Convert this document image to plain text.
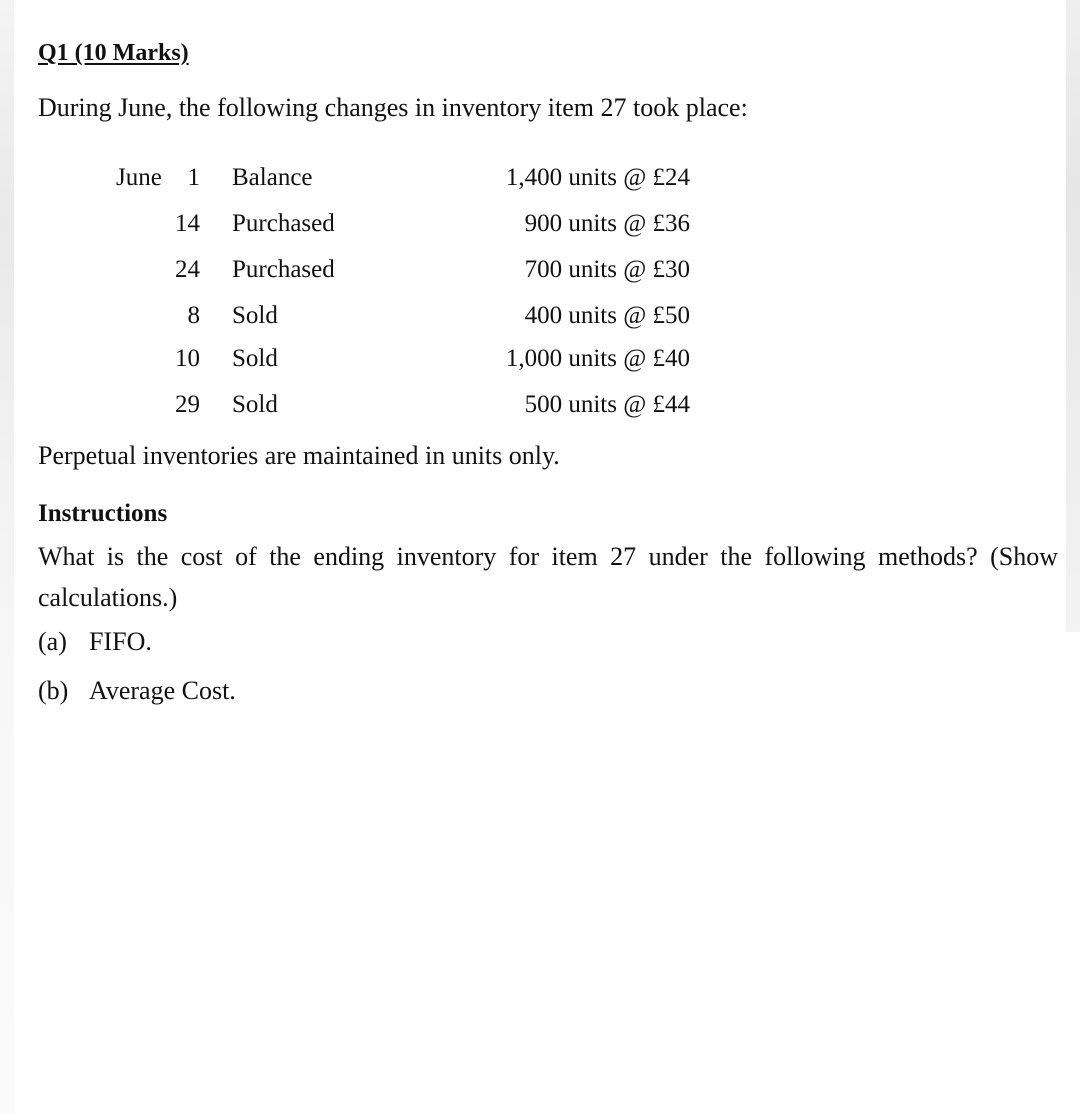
Q1 (10 Marks)

During June, the following changes in inventory item 27 took place:

June 1 Balance	1,400 units @ £24
14 Purchased	900 units @ £36
24 Purchased	700 units @ £30
8 Sold	400 units @ £50
10 Sold	1,000 units @ £40
29 Sold	500 units @ £44

Perpetual inventories are maintained in units only.

Instructions

What is the cost of the ending inventory for item 27 under the following methods? (Show calculations.)

(a) FIFO.
(b) Average Cost.
